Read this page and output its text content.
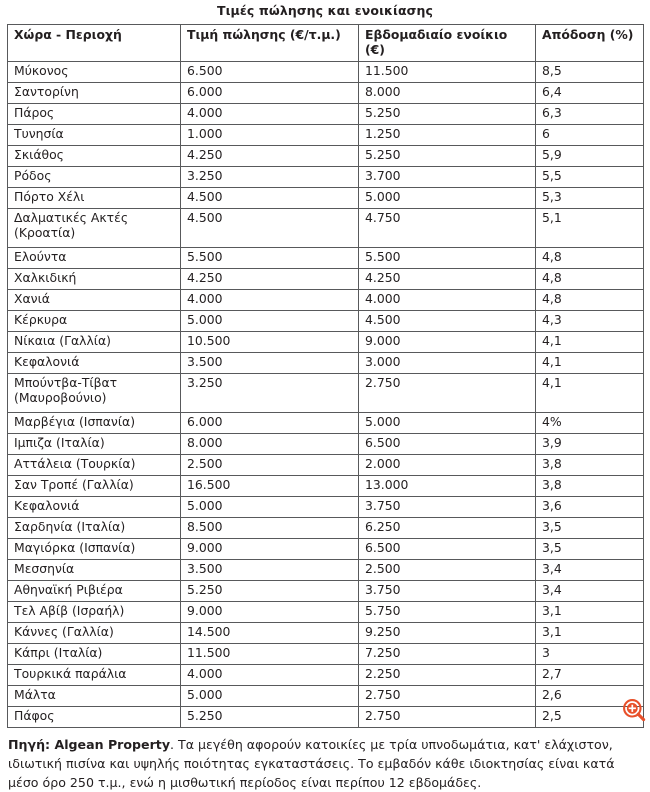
Τιμές πώλησης και ενοικίασης
Χώρα - Περιοχή	Τιμή πώλησης (€/τ.μ.)	Εβδομαδιαίο ενοίκιο (€)	Απόδοση (%)
Μύκονος	6.500	11.500	8,5
Σαντορίνη	6.000	8.000	6,4
Πάρος	4.000	5.250	6,3
Τυνησία	1.000	1.250	6
Σκιάθος	4.250	5.250	5,9
Ρόδος	3.250	3.700	5,5
Πόρτο Χέλι	4.500	5.000	5,3
Δαλματικές Ακτές (Κροατία)	4.500	4.750	5,1
Ελούντα	5.500	5.500	4,8
Χαλκιδική	4.250	4.250	4,8
Χανιά	4.000	4.000	4,8
Κέρκυρα	5.000	4.500	4,3
Νίκαια (Γαλλία)	10.500	9.000	4,1
Κεφαλονιά	3.500	3.000	4,1
Μπούντβα-Τίβατ (Μαυροβούνιο)	3.250	2.750	4,1
Μαρβέγια (Ισπανία)	6.000	5.000	4%
Ιμπιζα (Ιταλία)	8.000	6.500	3,9
Αττάλεια (Τουρκία)	2.500	2.000	3,8
Σαν Τροπέ (Γαλλία)	16.500	13.000	3,8
Κεφαλονιά	5.000	3.750	3,6
Σαρδηνία (Ιταλία)	8.500	6.250	3,5
Μαγιόρκα (Ισπανία)	9.000	6.500	3,5
Μεσσηνία	3.500	2.500	3,4
Αθηναϊκή Ριβιέρα	5.250	3.750	3,4
Τελ Αβίβ (Ισραήλ)	9.000	5.750	3,1
Κάννες (Γαλλία)	14.500	9.250	3,1
Κάπρι (Ιταλία)	11.500	7.250	3
Τουρκικά παράλια	4.000	2.250	2,7
Μάλτα	5.000	2.750	2,6
Πάφος	5.250	2.750	2,5
Πηγή: Algean Property. Τα μεγέθη αφορούν κατοικίες με τρία υπνοδωμάτια, κατ' ελάχιστον, ιδιωτική πισίνα και υψηλής ποιότητας εγκαταστάσεις. Το εμβαδόν κάθε ιδιοκτησίας είναι κατά μέσο όρο 250 τ.μ., ενώ η μισθωτική περίοδος είναι περίπου 12 εβδομάδες.
